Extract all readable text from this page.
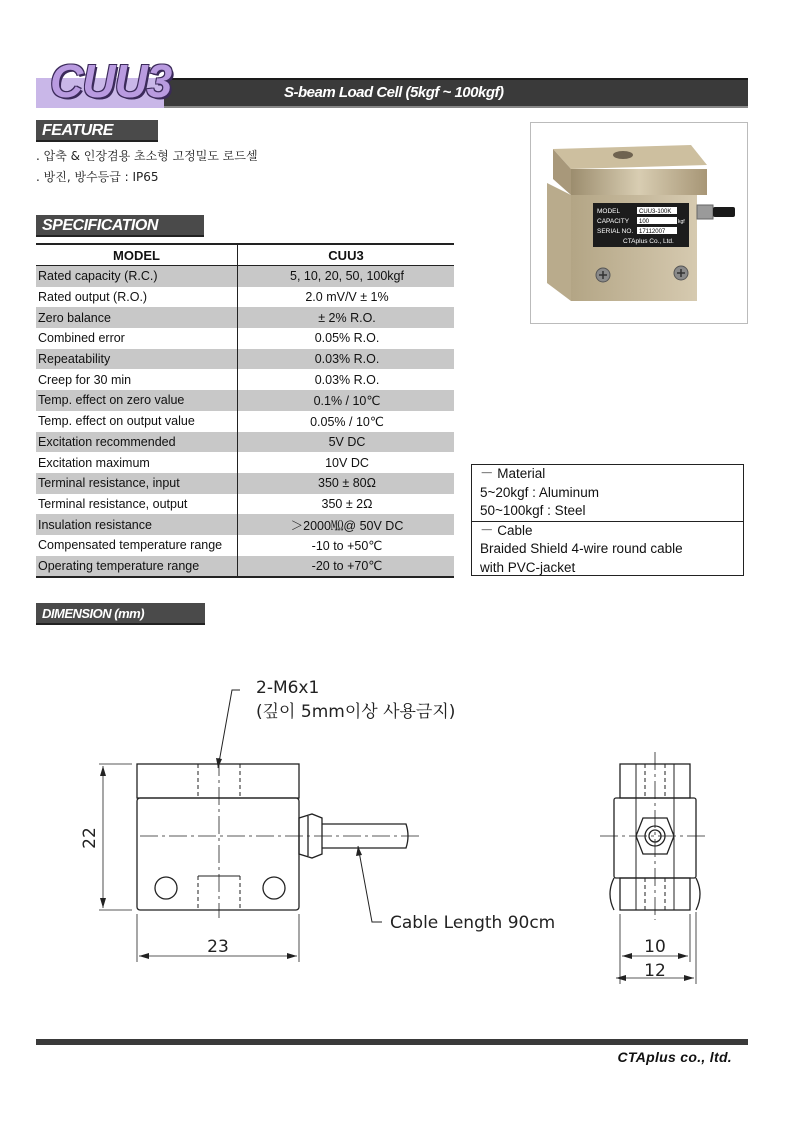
CUU3	S-beam Load Cell (5kgf ~ 100kgf)
FEATURE
. 압축 & 인장겸용 초소형 고정밀도 로드셀
. 방진, 방수등급 : IP65
SPECIFICATION
MODEL	CUU3
Rated capacity (R.C.)	5, 10, 20, 50, 100kgf
Rated output (R.O.)	2.0 mV/V ± 1%
Zero balance	± 2% R.O.
Combined error	0.05% R.O.
Repeatability	0.03% R.O.
Creep for 30 min	0.03% R.O.
Temp. effect on zero value	0.1% / 10℃
Temp. effect on output value	0.05% / 10℃
Excitation recommended	5V DC
Excitation maximum	10V DC
Terminal resistance, input	350 ± 80Ω
Terminal resistance, output	350 ± 2Ω
Insulation resistance	＞2000㏁@ 50V DC
Compensated temperature range	-10 to +50℃
Operating temperature range	-20 to +70℃
MODEL	CUU3-100K
CAPACITY 100	kgf
SERIAL NO. 17112007
CTAplus Co., Ltd.
－ Material
5~20kgf : Aluminum
50~100kgf : Steel
－ Cable
Braided Shield 4-wire round cable
with PVC-jacket
DIMENSION (mm)
2-M6x1
(깊이 5mm이상 사용금지)
22
23
Cable Length 90cm
10
12
CTAplus co., ltd.
